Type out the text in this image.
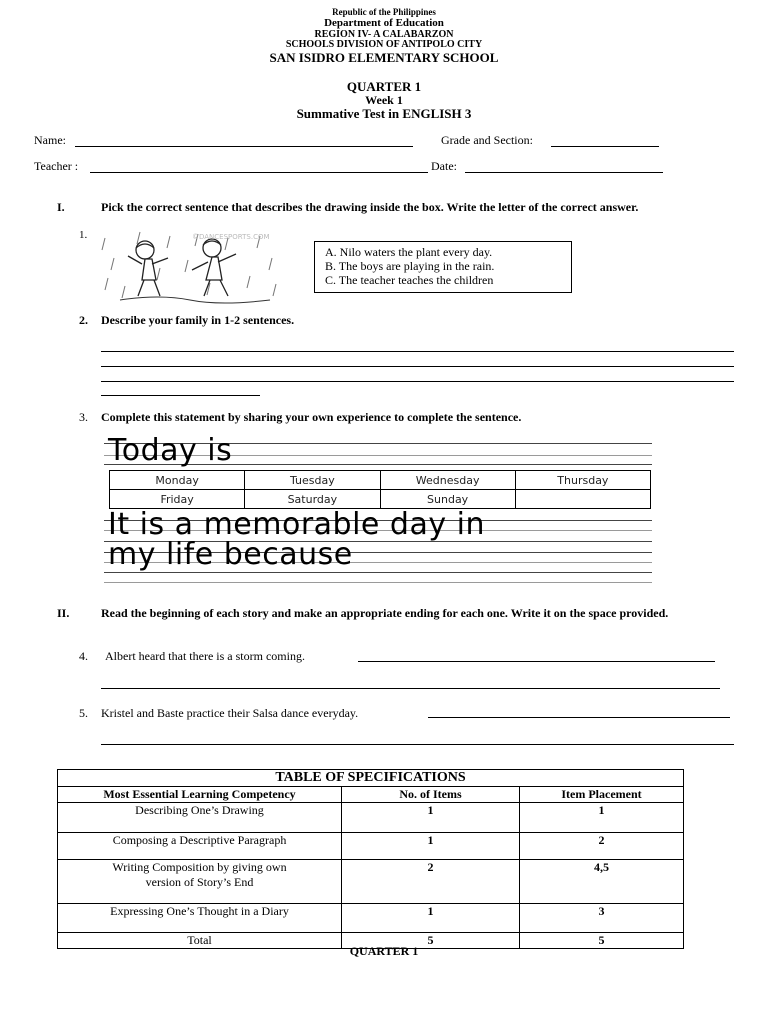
Republic of the Philippines
Department of Education
REGION IV- A CALABARZON
SCHOOLS DIVISION OF ANTIPOLO CITY
SAN ISIDRO ELEMENTARY SCHOOL
QUARTER 1
Week 1
Summative Test in ENGLISH 3
Name:	Grade and Section:
Teacher :	Date:
I.	Pick the correct sentence that describes the drawing inside the box. Write the letter of the correct answer.
1.	©DANCESPORTS.COM
A. Nilo waters the plant every day.
B. The boys are playing in the rain.
C. The teacher teaches the children
2. Describe your family in 1-2 sentences.
3. Complete this statement by sharing your own experience to complete the sentence.
Today is
Monday	Tuesday	Wednesday	Thursday
Friday	Saturday	Sunday	
It is a memorable day in
my life because
II.	Read the beginning of each story and make an appropriate ending for each one. Write it on the space provided.
4. Albert heard that there is a storm coming.
5. Kristel and Baste practice their Salsa dance everyday.
TABLE OF SPECIFICATIONS		
Most Essential Learning Competency	No. of Items	Item Placement
Describing One’s Drawing	1	1
Composing a Descriptive Paragraph	1	2
Writing Composition by giving own version of Story’s End	2	4,5
Expressing One’s Thought in a Diary	1	3
Total	5	5
QUARTER 1
